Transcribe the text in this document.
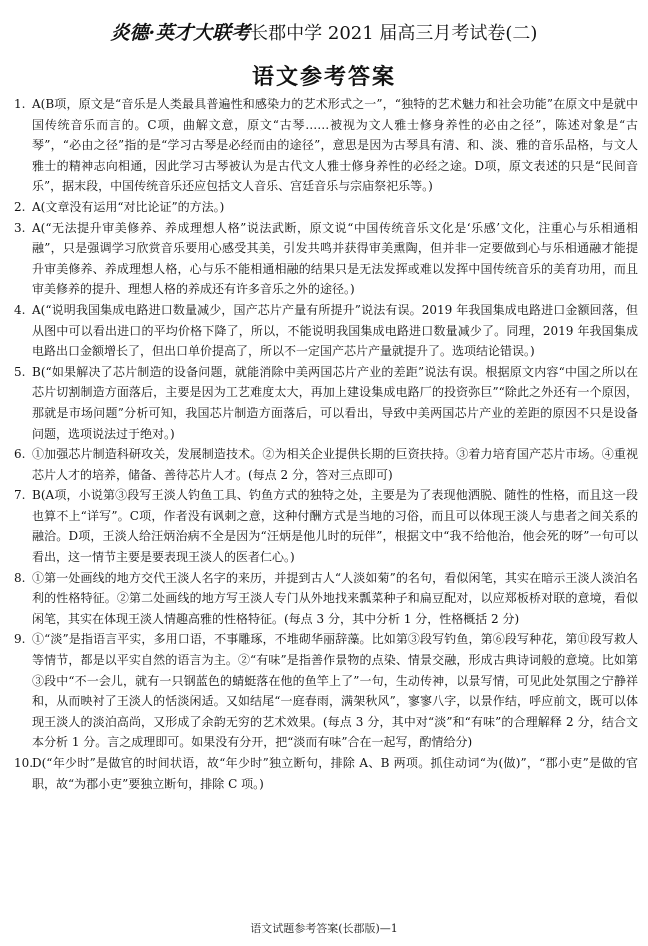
炎德·英才大联考长郡中学 2021 届高三月考试卷(二)
语文参考答案
1. A(B项，原文是“音乐是人类最具普遍性和感染力的艺术形式之一”，“独特的艺术魅力和社会功能”在原文中是就中国传统音乐而言的。C项，曲解文意，原文“古琴……被视为文人雅士修身养性的必由之径”，陈述对象是“古琴”，“必由之径”指的是“学习古琴是必经而由的途径”，意思是因为古琴具有清、和、淡、雅的音乐品格，与文人雅士的精神志向相通，因此学习古琴被认为是古代文人雅士修身养性的必经之途。D项，原文表述的只是“民间音乐”，据末段，中国传统音乐还应包括文人音乐、宫廷音乐与宗庙祭祀乐等。)
2. A(文章没有运用“对比论证”的方法。)
3. A(“无法提升审美修养、养成理想人格”说法武断，原文说“中国传统音乐文化是‘乐感’文化，注重心与乐相通相融”，只是强调学习欣赏音乐要用心感受其美，引发共鸣并获得审美熏陶，但并非一定要做到心与乐相通融才能提升审美修养、养成理想人格，心与乐不能相通相融的结果只是无法发挥或难以发挥中国传统音乐的美育功用，而且审美修养的提升、理想人格的养成还有许多音乐之外的途径。)
4. A(“说明我国集成电路进口数量减少，国产芯片产量有所提升”说法有误。2019 年我国集成电路进口金额回落，但从图中可以看出进口的平均价格下降了，所以，不能说明我国集成电路进口数量减少了。同理，2019 年我国集成电路出口金额增长了，但出口单价提高了，所以不一定国产芯片产量就提升了。选项结论错误。)
5. B(“如果解决了芯片制造的设备问题，就能消除中美两国芯片产业的差距”说法有误。根据原文内容“中国之所以在芯片切割制造方面落后，主要是因为工艺难度太大，再加上建设集成电路厂的投资弥巨”“除此之外还有一个原因，那就是市场问题”分析可知，我国芯片制造方面落后，可以看出，导致中美两国芯片产业的差距的原因不只是设备问题，选项说法过于绝对。)
6. ①加强芯片制造科研攻关，发展制造技术。②为相关企业提供长期的巨资扶持。③着力培育国产芯片市场。④重视芯片人才的培养，储备、善待芯片人才。(每点 2 分，答对三点即可)
7. B(A项，小说第③段写王淡人钓鱼工具、钓鱼方式的独特之处，主要是为了表现他洒脱、随性的性格，而且这一段也算不上“详写”。C项，作者没有讽刺之意，这种付酬方式是当地的习俗，而且可以体现王淡人与患者之间关系的融洽。D项，王淡人给汪炳治病不全是因为“汪炳是他儿时的玩伴”，根据文中“我不给他治，他会死的呀”一句可以看出，这一情节主要是要表现王淡人的医者仁心。)
8. ①第一处画线的地方交代王淡人名字的来历，并提到古人“人淡如菊”的名句，看似闲笔，其实在暗示王淡人淡泊名利的性格特征。②第二处画线的地方写王淡人专门从外地找来瓢菜种子和扁豆配对，以应郑板桥对联的意境，看似闲笔，其实在体现王淡人情趣高雅的性格特征。(每点 3 分，其中分析 1 分，性格概括 2 分)
9. ①“淡”是指语言平实，多用口语，不事雕琢，不堆砌华丽辞藻。比如第③段写钓鱼，第⑥段写种花，第⑪段写救人等情节，都是以平实自然的语言为主。②“有味”是指善作景物的点染、情景交融，形成古典诗词般的意境。比如第③段中“不一会儿，就有一只钢蓝色的蜻蜓落在他的鱼竿上了”一句，生动传神，以景写情，可见此处氛围之宁静祥和，从而映衬了王淡人的恬淡闲适。又如结尾“一庭春雨，满架秋风”，寥寥八字，以景作结，呼应前文，既可以体现王淡人的淡泊高尚，又形成了余韵无穷的艺术效果。(每点 3 分，其中对“淡”和“有味”的合理解释 2 分，结合文本分析 1 分。言之成理即可。如果没有分开，把“淡而有味”合在一起写，酌情给分)
10.
D(“年少时”是做官的时间状语，故“年少时”独立断句，排除 A、B 两项。抓住动词“为(做)”，“郡小吏”是做的官职，故“为郡小吏”要独立断句，排除 C 项。)
语文试题参考答案(长郡版)—1
